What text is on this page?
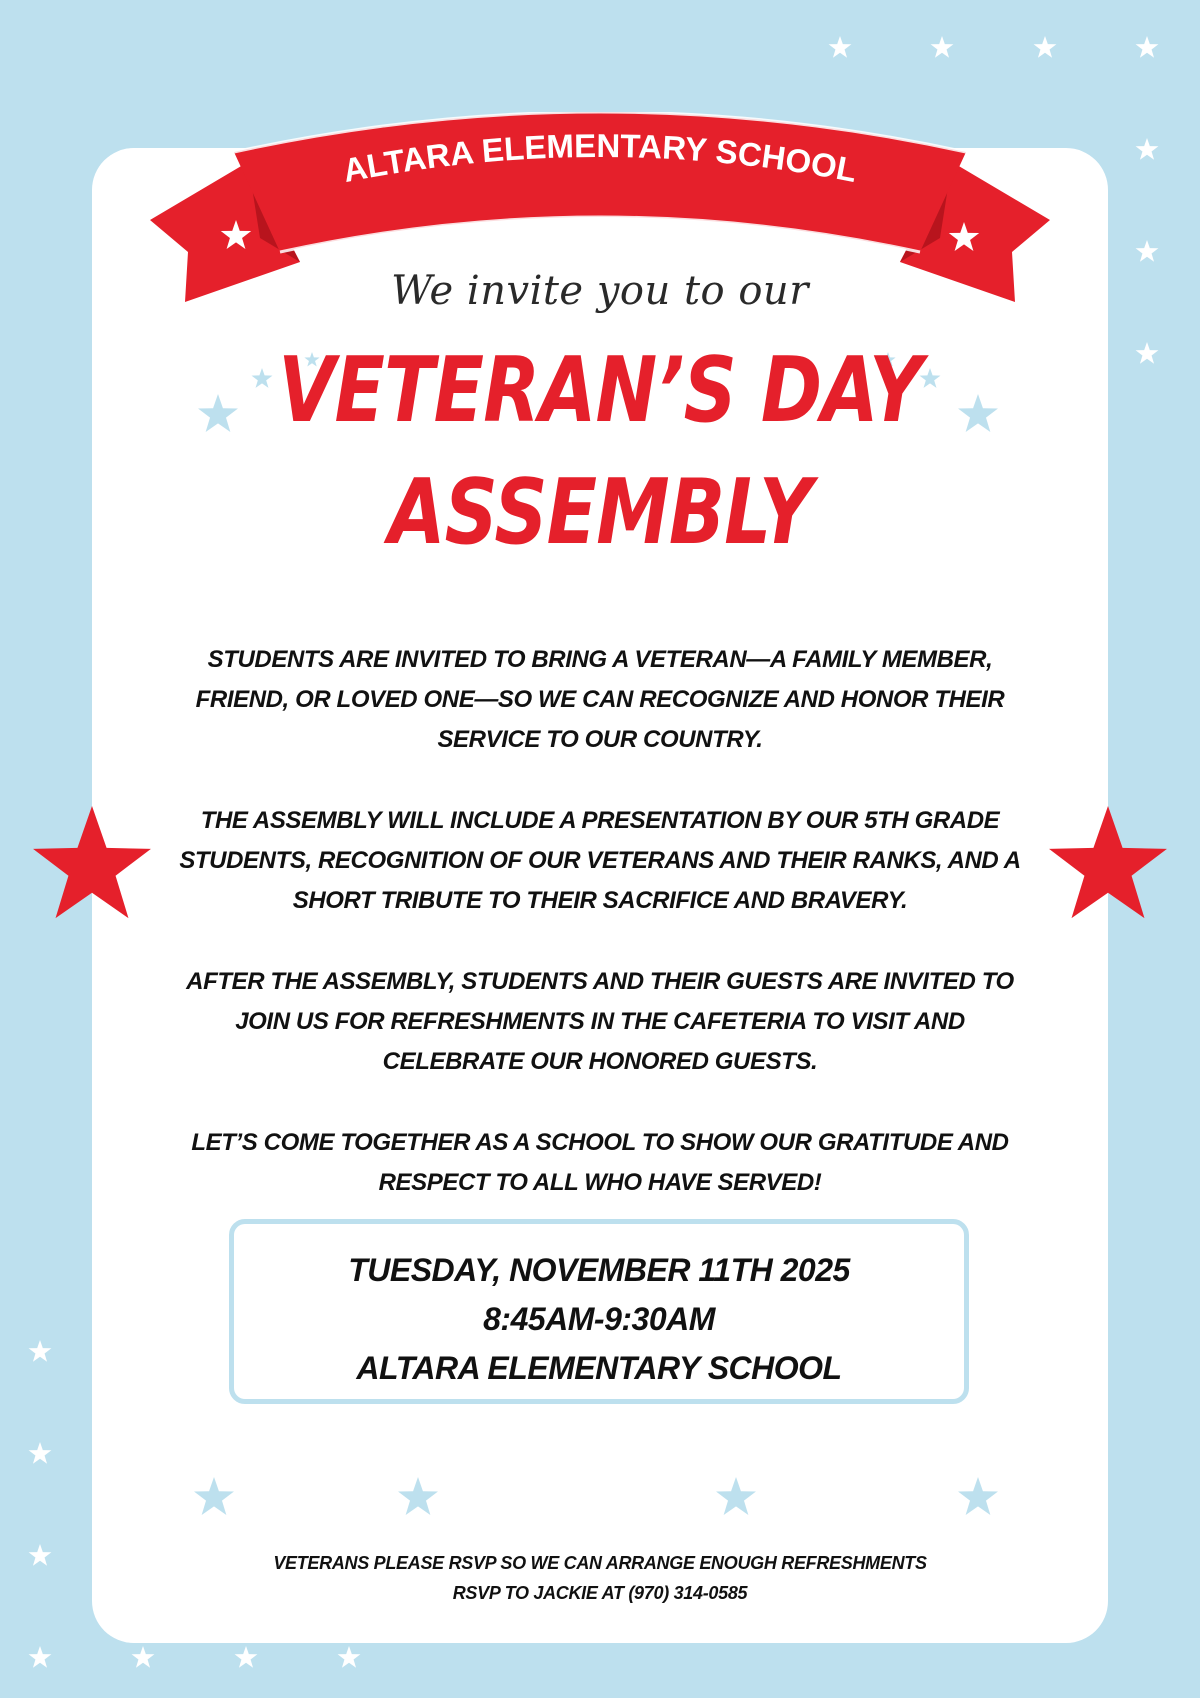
ALTARA ELEMENTARY SCHOOL

We invite you to our

VETERAN’S DAY
ASSEMBLY

STUDENTS ARE INVITED TO BRING A VETERAN—A FAMILY MEMBER, FRIEND, OR LOVED ONE—SO WE CAN RECOGNIZE AND HONOR THEIR SERVICE TO OUR COUNTRY.

THE ASSEMBLY WILL INCLUDE A PRESENTATION BY OUR 5TH GRADE STUDENTS, RECOGNITION OF OUR VETERANS AND THEIR RANKS, AND A SHORT TRIBUTE TO THEIR SACRIFICE AND BRAVERY.

AFTER THE ASSEMBLY, STUDENTS AND THEIR GUESTS ARE INVITED TO JOIN US FOR REFRESHMENTS IN THE CAFETERIA TO VISIT AND CELEBRATE OUR HONORED GUESTS.

LET’S COME TOGETHER AS A SCHOOL TO SHOW OUR GRATITUDE AND RESPECT TO ALL WHO HAVE SERVED!

TUESDAY, NOVEMBER 11TH 2025
8:45AM-9:30AM
ALTARA ELEMENTARY SCHOOL
VETERANS PLEASE RSVP SO WE CAN ARRANGE ENOUGH REFRESHMENTS
RSVP TO JACKIE AT (970) 314-0585
